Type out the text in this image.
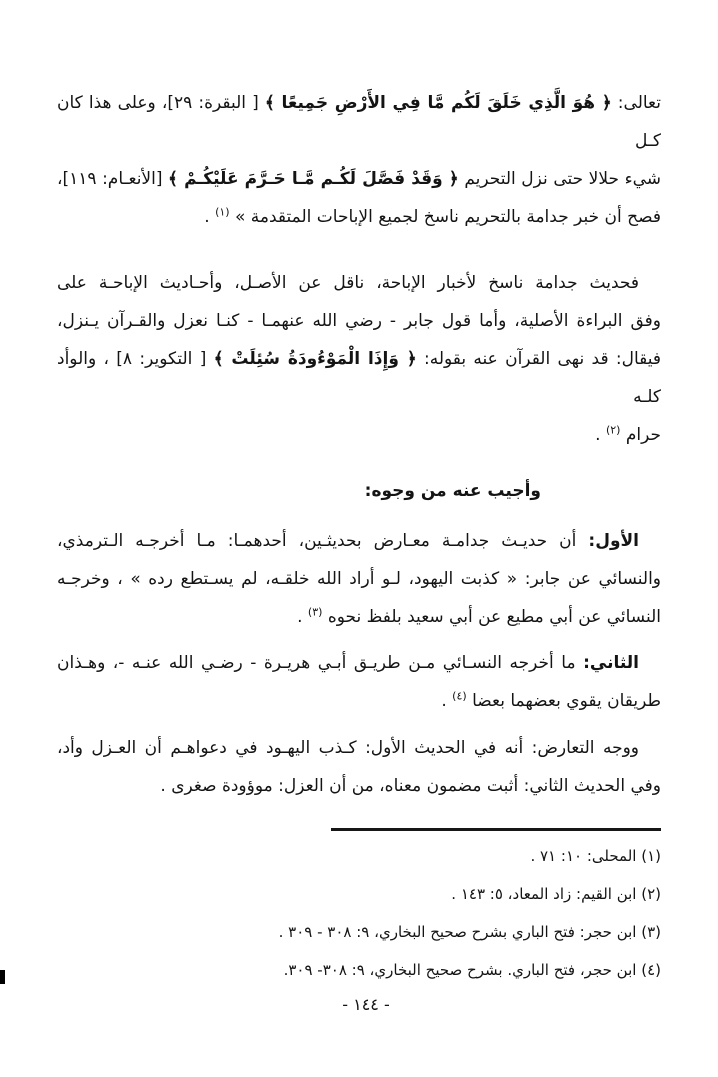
تعالى: ﴿ هُوَ الَّذِي خَلَقَ لَكُم مَّا فِي الأَرْضِ جَمِيعًا ﴾ [ البقرة: ٢٩]، وعلى هذا كان كـل
شيء حلالا حتى نزل التحريم ﴿ وَقَدْ فَصَّلَ لَكُـم مَّـا حَـرَّمَ عَلَيْكُـمْ ﴾ [الأنعـام: ١١٩]،
فصح أن خبر جدامة بالتحريم ناسخ لجميع الإباحات المتقدمة » $^{(١)}$ .
فحديث جدامة ناسخ لأخبار الإباحة، ناقل عن الأصـل، وأحـاديث الإباحـة على
وفق البراءة الأصلية، وأما قول جابر - رضي الله عنهمـا - كنـا نعزل والقـرآن يـنزل،
فيقال: قد نهى القرآن عنه بقوله: ﴿ وَإِذَا الْمَوْءُودَةُ سُئِلَتْ ﴾ [ التكوير: ٨] ، والوأد كلـه
حرام $^{(٢)}$ .
وأجيب عنه من وجوه:
الأول: أن حديـث جدامـة معـارض بحديثـين، أحدهمـا: مـا أخرجـه الـترمذي،
والنسائي عن جابر: « كذبت اليهود، لـو أراد الله خلقـه، لم يسـتطع رده » ، وخرجـه
النسائي عن أبي مطيع عن أبي سعيد بلفظ نحوه $^{(٣)}$ .
الثاني: ما أخرجه النسـائي مـن طريـق أبـي هريـرة - رضـي الله عنـه -، وهـذان
طريقان يقوي بعضهما بعضا $^{(٤)}$ .
ووجه التعارض: أنه في الحديث الأول: كـذب اليهـود في دعواهـم أن العـزل وأد،
وفي الحديث الثاني: أثبت مضمون معناه، من أن العزل: موؤودة صغرى .
(١) المحلى: ١٠: ٧١ .
(٢) ابن القيم: زاد المعاد، ٥: ١٤٣ .
(٣) ابن حجر: فتح الباري بشرح صحيح البخاري، ٩: ٣٠٨ - ٣٠٩ .
(٤) ابن حجر، فتح الباري. بشرح صحيح البخاري، ٩: ٣٠٨- ٣٠٩.
- ١٤٤ -
